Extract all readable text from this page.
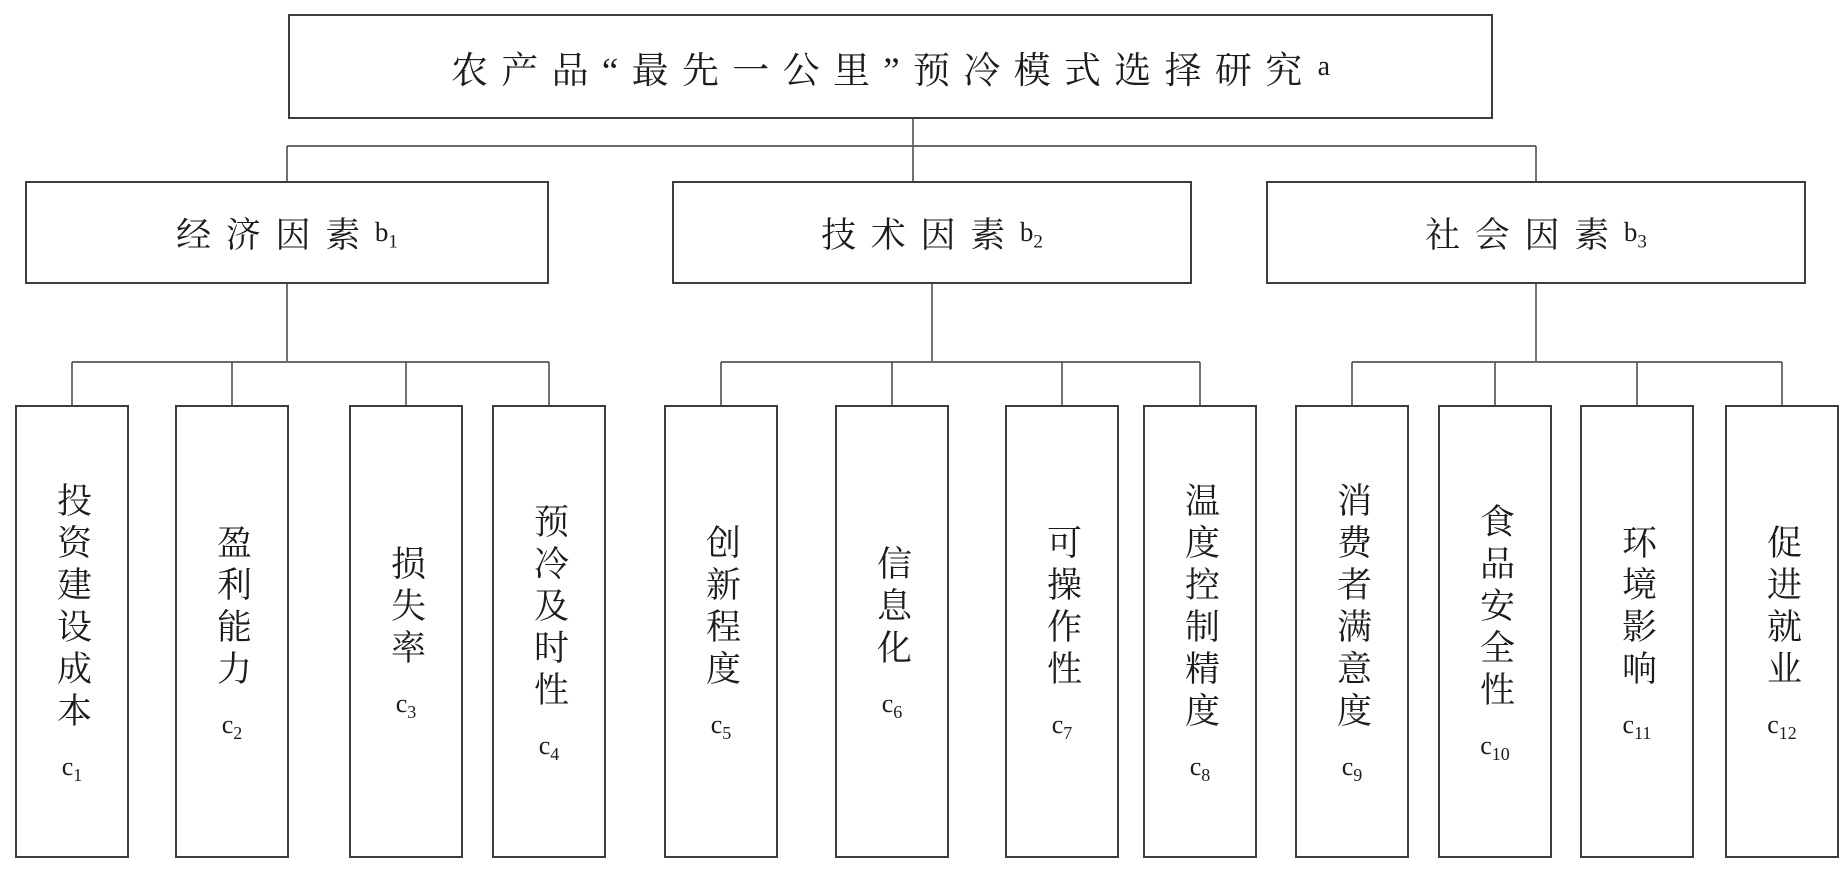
农产品“最先一公里”预冷模式选择研究 a
经济因素 $b_1$	技术因素 $b_2$	社会因素 $b_3$
投资建设成本
$c_1$
盈利能力
$c_2$
损失率
$c_3$	预冷及时性
$c_4$
创新程度
$c_5$
信息化
$c_6$
可操作性
$c_7$	温度控制精度
$c_8$
消费者满意度
$c_9$
食品安全性
$c_{10}$
环境影响
$c_{11}$
促进就业
$c_{12}$
